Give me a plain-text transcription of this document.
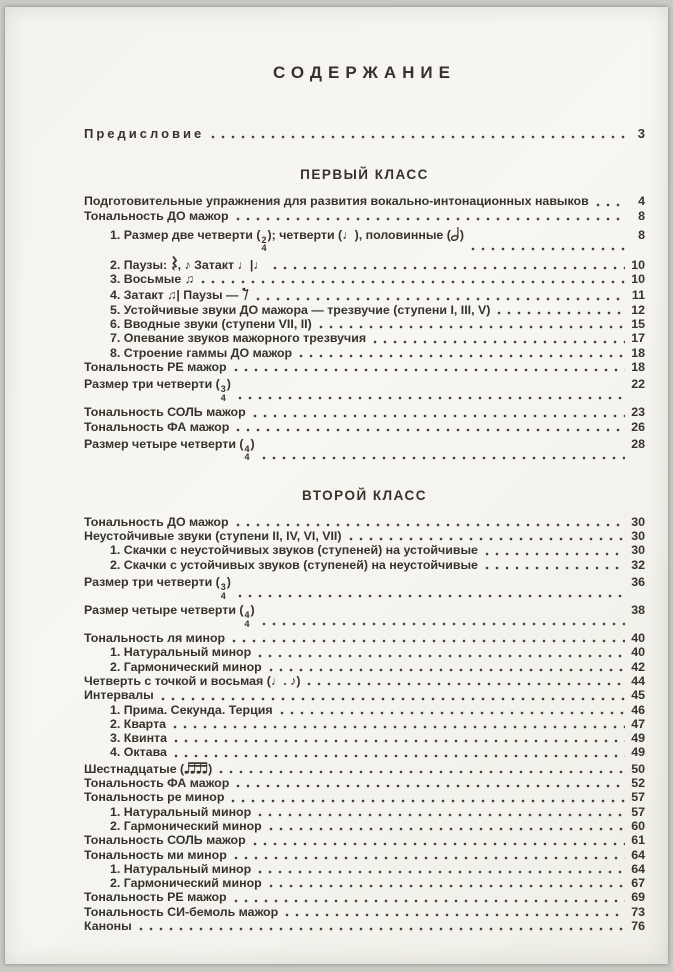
СОДЕРЖАНИЕ
Предисловие	3
ПЕРВЫЙ КЛАСС
Подготовительные упражнения для развития вокально-интонационных навыков	4
Тональность ДО мажор	8
1. Размер две четверти ( 2
4
); четверти (♩), половинные ( )	8
2. Паузы: , ♪ Затакт ♩|♩	10
3. Восьмые ♫	10
4. Затакт ♫| Паузы —	11
5. Устойчивые звуки ДО мажора — трезвучие (ступени I, III, V)	12
6. Вводные звуки (ступени VII, II)	15
7. Опевание звуков мажорного трезвучия	17
8. Строение гаммы ДО мажор	18
Тональность РЕ мажор	18
Размер три четверти ( 3
4
)	22
Тональность СОЛЬ мажор	23
Тональность ФА мажор	26
Размер четыре четверти ( 4
4
)	28
ВТОРОЙ КЛАСС
Тональность ДО мажор	30
Неустойчивые звуки (ступени II, IV, VI, VII)	30
1. Скачки с неустойчивых звуков (ступеней) на устойчивые	30
2. Скачки с устойчивых звуков (ступеней) на неустойчивые	32
Размер три четверти ( 3
4
)	36
Размер четыре четверти ( 4
4
)	38
Тональность ля минор	40
1. Натуральный минор	40
2. Гармонический минор	42
Четверть с точкой и восьмая (♩. ♪)	44
Интервалы	45
1. Прима. Секунда. Терция	46
2. Кварта	47
3. Квинта	49
4. Октава	49
Шестнадцатые ( )	50
Тональность ФА мажор	52
Тональность ре минор	57
1. Натуральный минор	57
2. Гармонический минор	60
Тональность СОЛЬ мажор	61
Тональность ми минор	64
1. Натуральный минор	64
2. Гармонический минор	67
Тональность РЕ мажор	69
Тональность СИ-бемоль мажор	73
Каноны	76
